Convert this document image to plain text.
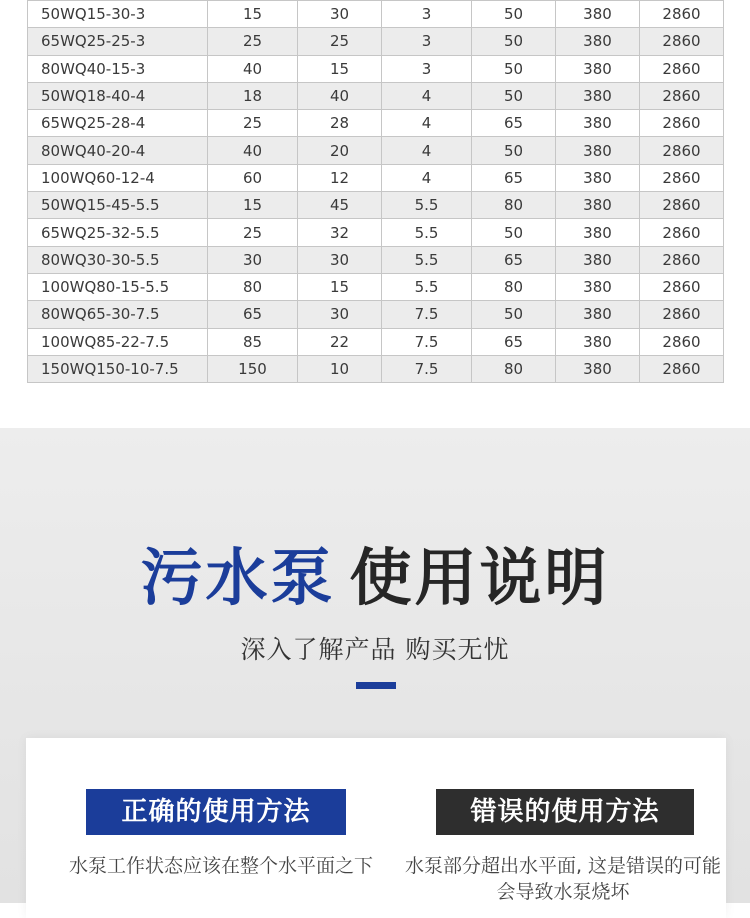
50WQ15-30-3	15	30	3	50	380	2860
65WQ25-25-3	25	25	3	50	380	2860
80WQ40-15-3	40	15	3	50	380	2860
50WQ18-40-4	18	40	4	50	380	2860
65WQ25-28-4	25	28	4	65	380	2860
80WQ40-20-4	40	20	4	50	380	2860
100WQ60-12-4	60	12	4	65	380	2860
50WQ15-45-5.5	15	45	5.5	80	380	2860
65WQ25-32-5.5	25	32	5.5	50	380	2860
80WQ30-30-5.5	30	30	5.5	65	380	2860
100WQ80-15-5.5	80	15	5.5	80	380	2860
80WQ65-30-7.5	65	30	7.5	50	380	2860
100WQ85-22-7.5	85	22	7.5	65	380	2860
150WQ150-10-7.5	150	10	7.5	80	380	2860
污水泵 使用说明
深入了解产品 购买无忧
正确的使用方法	错误的使用方法
水泵工作状态应该在整个水平面之下	水泵部分超出水平面, 这是错误的可能会导致水泵烧坏
